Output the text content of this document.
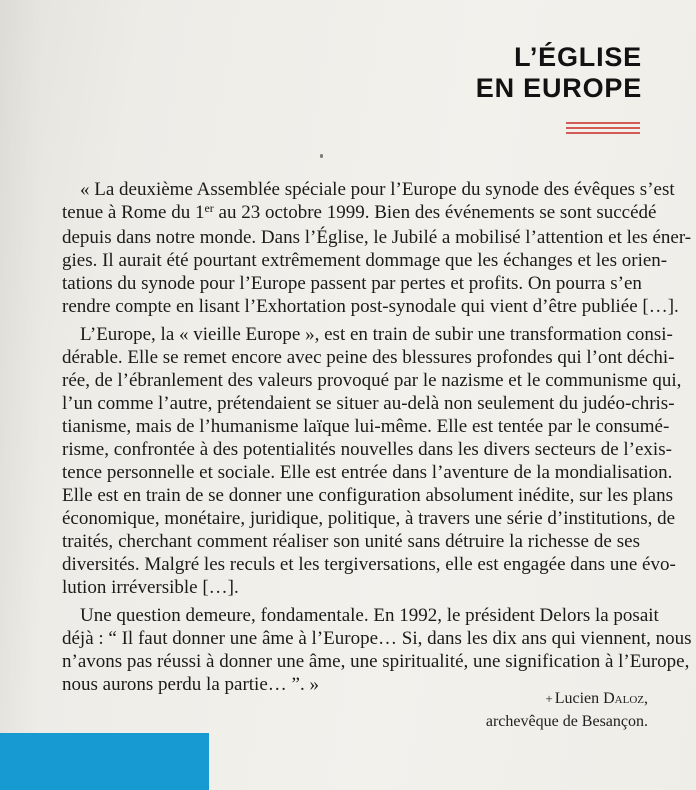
L’ÉGLISE
EN EUROPE
« La deuxième Assemblée spéciale pour l’Europe du synode des évêques s’est
tenue à Rome du 1er au 23 octobre 1999. Bien des événements se sont succédé
depuis dans notre monde. Dans l’Église, le Jubilé a mobilisé l’attention et les éner-
gies. Il aurait été pourtant extrêmement dommage que les échanges et les orien-
tations du synode pour l’Europe passent par pertes et profits. On pourra s’en
rendre compte en lisant l’Exhortation post-synodale qui vient d’être publiée […].
L’Europe, la « vieille Europe », est en train de subir une transformation consi-
dérable. Elle se remet encore avec peine des blessures profondes qui l’ont déchi-
rée, de l’ébranlement des valeurs provoqué par le nazisme et le communisme qui,
l’un comme l’autre, prétendaient se situer au-delà non seulement du judéo-chris-
tianisme, mais de l’humanisme laïque lui-même. Elle est tentée par le consumé-
risme, confrontée à des potentialités nouvelles dans les divers secteurs de l’exis-
tence personnelle et sociale. Elle est entrée dans l’aventure de la mondialisation.
Elle est en train de se donner une configuration absolument inédite, sur les plans
économique, monétaire, juridique, politique, à travers une série d’institutions, de
traités, cherchant comment réaliser son unité sans détruire la richesse de ses
diversités. Malgré les reculs et les tergiversations, elle est engagée dans une évo-
lution irréversible […].
Une question demeure, fondamentale. En 1992, le président Delors la posait
déjà : “ Il faut donner une âme à l’Europe… Si, dans les dix ans qui viennent, nous
n’avons pas réussi à donner une âme, une spiritualité, une signification à l’Europe,
nous aurons perdu la partie… ”. »
+ Lucien Daloz,
archevêque de Besançon.
